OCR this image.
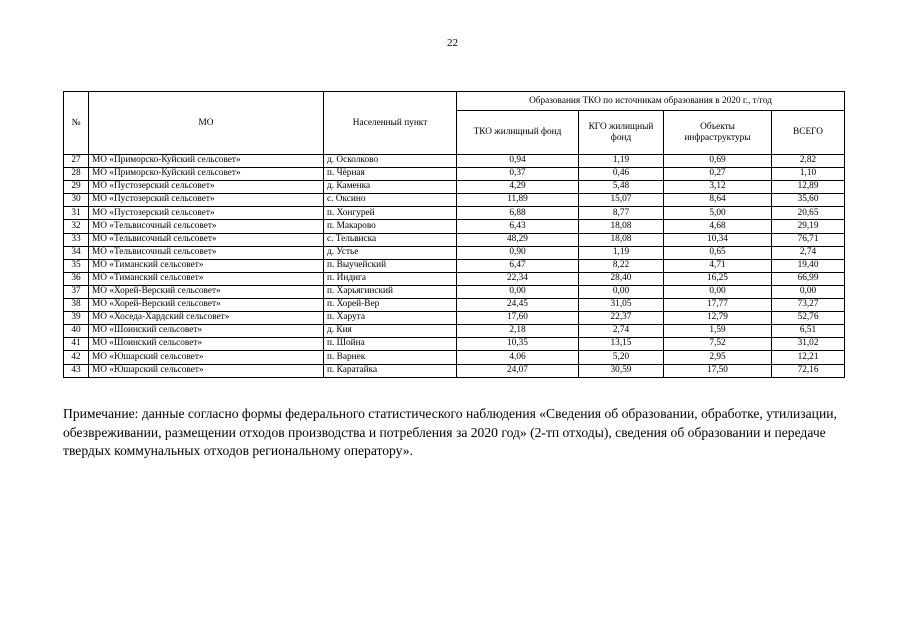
22
№	МО	Населенный пункт	Образования ТКО по источникам образования в 2020 г., т/год			
			ТКО жилищный фонд	КГО жилищный фонд	Объекты инфраструктуры	ВСЕГО
27	МО «Приморско-Куйский сельсовет»	д. Осколково	0,94	1,19	0,69	2,82
28	МО «Приморско-Куйский сельсовет»	п. Чёрная	0,37	0,46	0,27	1,10
29	МО «Пустозерский сельсовет»	д. Каменка	4,29	5,48	3,12	12,89
30	МО «Пустозерский сельсовет»	с. Оксино	11,89	15,07	8,64	35,60
31	МО «Пустозерский сельсовет»	п. Хонгурей	6,88	8,77	5,00	20,65
32	МО «Тельвисочный сельсовет»	п. Макарово	6,43	18,08	4,68	29,19
33	МО «Тельвисочный сельсовет»	с. Тельвиска	48,29	18,08	10,34	76,71
34	МО «Тельвисочный сельсовет»	д. Устье	0,90	1,19	0,65	2,74
35	МО «Тиманский сельсовет»	п. Выучейский	6,47	8,22	4,71	19,40
36	МО «Тиманский сельсовет»	п. Индига	22,34	28,40	16,25	66,99
37	МО «Хорей-Верский сельсовет»	п. Харьягинский	0,00	0,00	0,00	0,00
38	МО «Хорей-Верский сельсовет»	п. Хорей-Вер	24,45	31,05	17,77	73,27
39	МО «Хоседа-Хардский сельсовет»	п. Харута	17,60	22,37	12,79	52,76
40	МО «Шоинский сельсовет»	д. Кия	2,18	2,74	1,59	6,51
41	МО «Шоинский сельсовет»	п. Шойна	10,35	13,15	7,52	31,02
42	МО «Юшарский сельсовет»	п. Варнек	4,06	5,20	2,95	12,21
43	МО «Юшарский сельсовет»	п. Каратайка	24,07	30,59	17,50	72,16
Примечание: данные согласно формы федерального статистического наблюдения «Сведения об образовании, обработке, утилизации, обезвреживании, размещении отходов производства и потребления за 2020 год» (2-тп отходы), сведения об образовании и передаче твердых коммунальных отходов региональному оператору».
